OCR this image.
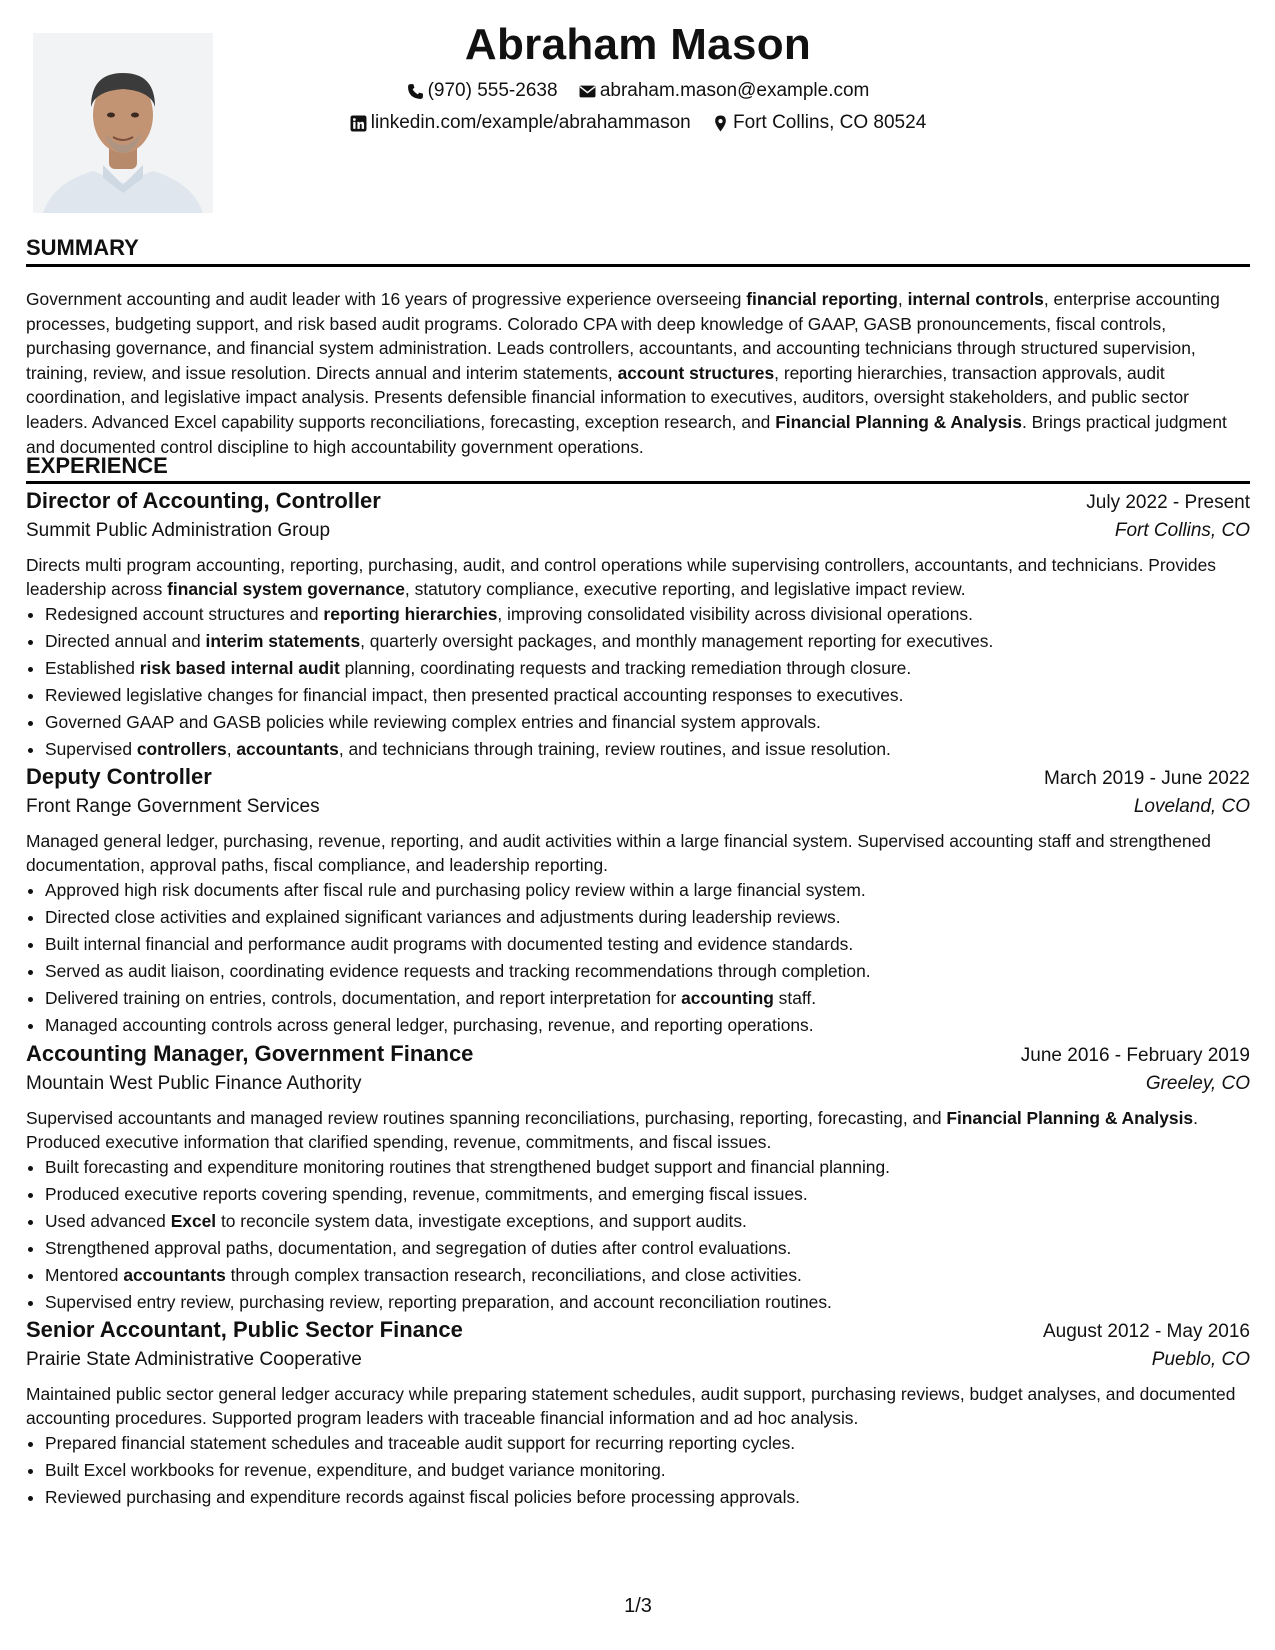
Abraham Mason
(970) 555-2638
abraham.mason@example.com
linkedin.com/example/abrahammason
Fort Collins, CO 80524
SUMMARY
Government accounting and audit leader with 16 years of progressive experience overseeing financial reporting, internal controls, enterprise accounting processes, budgeting support, and risk based audit programs. Colorado CPA with deep knowledge of GAAP, GASB pronouncements, fiscal controls, purchasing governance, and financial system administration. Leads controllers, accountants, and accounting technicians through structured supervision, training, review, and issue resolution. Directs annual and interim statements, account structures, reporting hierarchies, transaction approvals, audit coordination, and legislative impact analysis. Presents defensible financial information to executives, auditors, oversight stakeholders, and public sector leaders. Advanced Excel capability supports reconciliations, forecasting, exception research, and Financial Planning & Analysis. Brings practical judgment and documented control discipline to high accountability government operations.
EXPERIENCE
Director of Accounting, Controller	July 2022 - Present
Summit Public Administration Group	Fort Collins, CO
Directs multi program accounting, reporting, purchasing, audit, and control operations while supervising controllers, accountants, and technicians. Provides leadership across financial system governance, statutory compliance, executive reporting, and legislative impact review.
• Redesigned account structures and reporting hierarchies, improving consolidated visibility across divisional operations.
• Directed annual and interim statements, quarterly oversight packages, and monthly management reporting for executives.
• Established risk based internal audit planning, coordinating requests and tracking remediation through closure.
• Reviewed legislative changes for financial impact, then presented practical accounting responses to executives.
• Governed GAAP and GASB policies while reviewing complex entries and financial system approvals.
• Supervised controllers, accountants, and technicians through training, review routines, and issue resolution.
Deputy Controller	March 2019 - June 2022
Front Range Government Services	Loveland, CO
Managed general ledger, purchasing, revenue, reporting, and audit activities within a large financial system. Supervised accounting staff and strengthened documentation, approval paths, fiscal compliance, and leadership reporting.
• Approved high risk documents after fiscal rule and purchasing policy review within a large financial system.
• Directed close activities and explained significant variances and adjustments during leadership reviews.
• Built internal financial and performance audit programs with documented testing and evidence standards.
• Served as audit liaison, coordinating evidence requests and tracking recommendations through completion.
• Delivered training on entries, controls, documentation, and report interpretation for accounting staff.
• Managed accounting controls across general ledger, purchasing, revenue, and reporting operations.
Accounting Manager, Government Finance	June 2016 - February 2019
Mountain West Public Finance Authority	Greeley, CO
Supervised accountants and managed review routines spanning reconciliations, purchasing, reporting, forecasting, and Financial Planning & Analysis. Produced executive information that clarified spending, revenue, commitments, and fiscal issues.
• Built forecasting and expenditure monitoring routines that strengthened budget support and financial planning.
• Produced executive reports covering spending, revenue, commitments, and emerging fiscal issues.
• Used advanced Excel to reconcile system data, investigate exceptions, and support audits.
• Strengthened approval paths, documentation, and segregation of duties after control evaluations.
• Mentored accountants through complex transaction research, reconciliations, and close activities.
• Supervised entry review, purchasing review, reporting preparation, and account reconciliation routines.
Senior Accountant, Public Sector Finance	August 2012 - May 2016
Prairie State Administrative Cooperative	Pueblo, CO
Maintained public sector general ledger accuracy while preparing statement schedules, audit support, purchasing reviews, budget analyses, and documented accounting procedures. Supported program leaders with traceable financial information and ad hoc analysis.
• Prepared financial statement schedules and traceable audit support for recurring reporting cycles.
• Built Excel workbooks for revenue, expenditure, and budget variance monitoring.
• Reviewed purchasing and expenditure records against fiscal policies before processing approvals.
1/3
